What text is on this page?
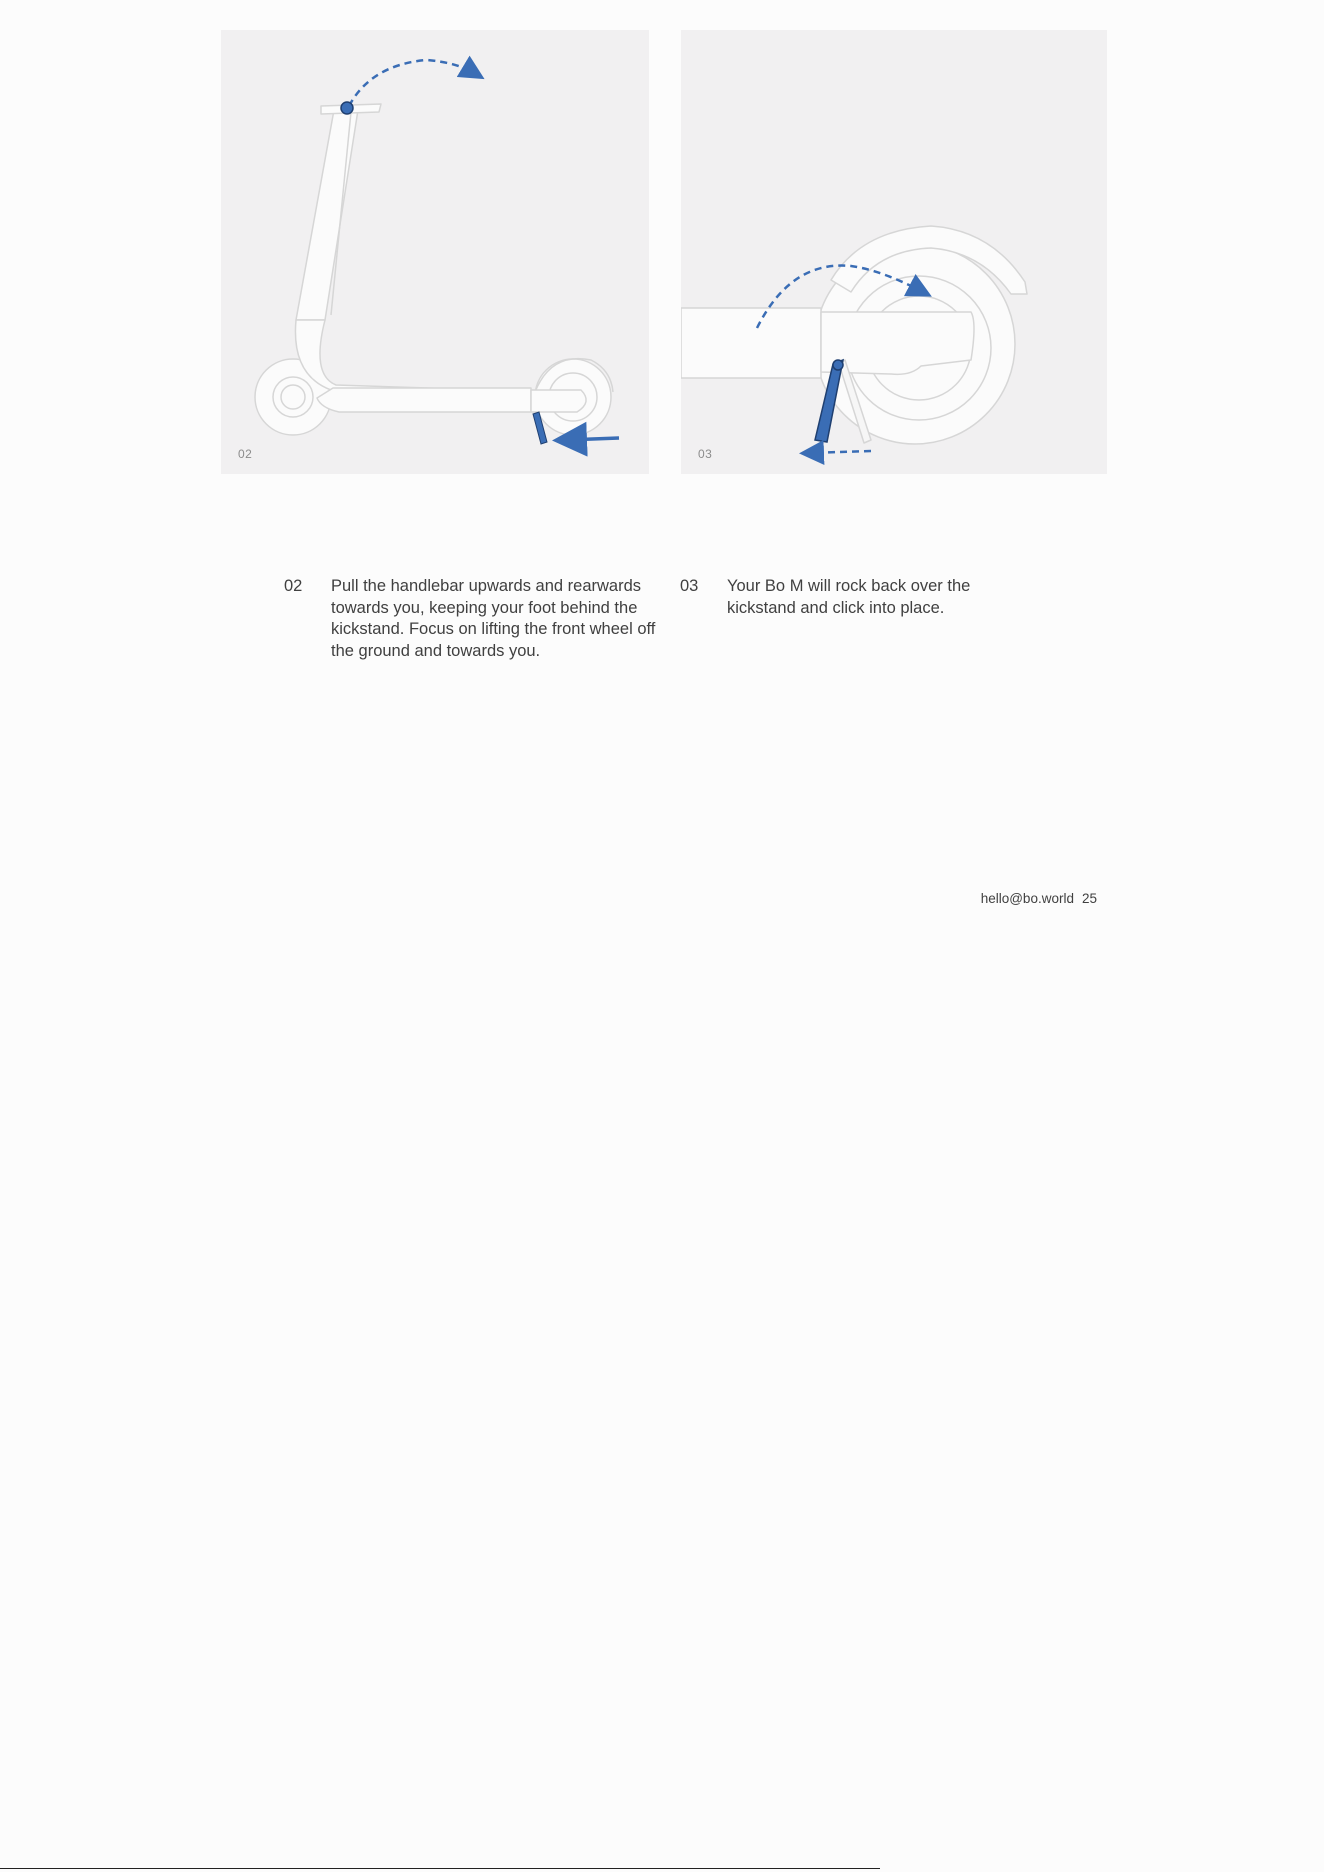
02	03
02 Pull the handlebar upwards and rearwards towards you, keeping your foot behind the kickstand. Focus on lifting the front wheel off the ground and towards you.
03 Your Bo M will rock back over the kickstand and click into place.
hello@bo.world 25
